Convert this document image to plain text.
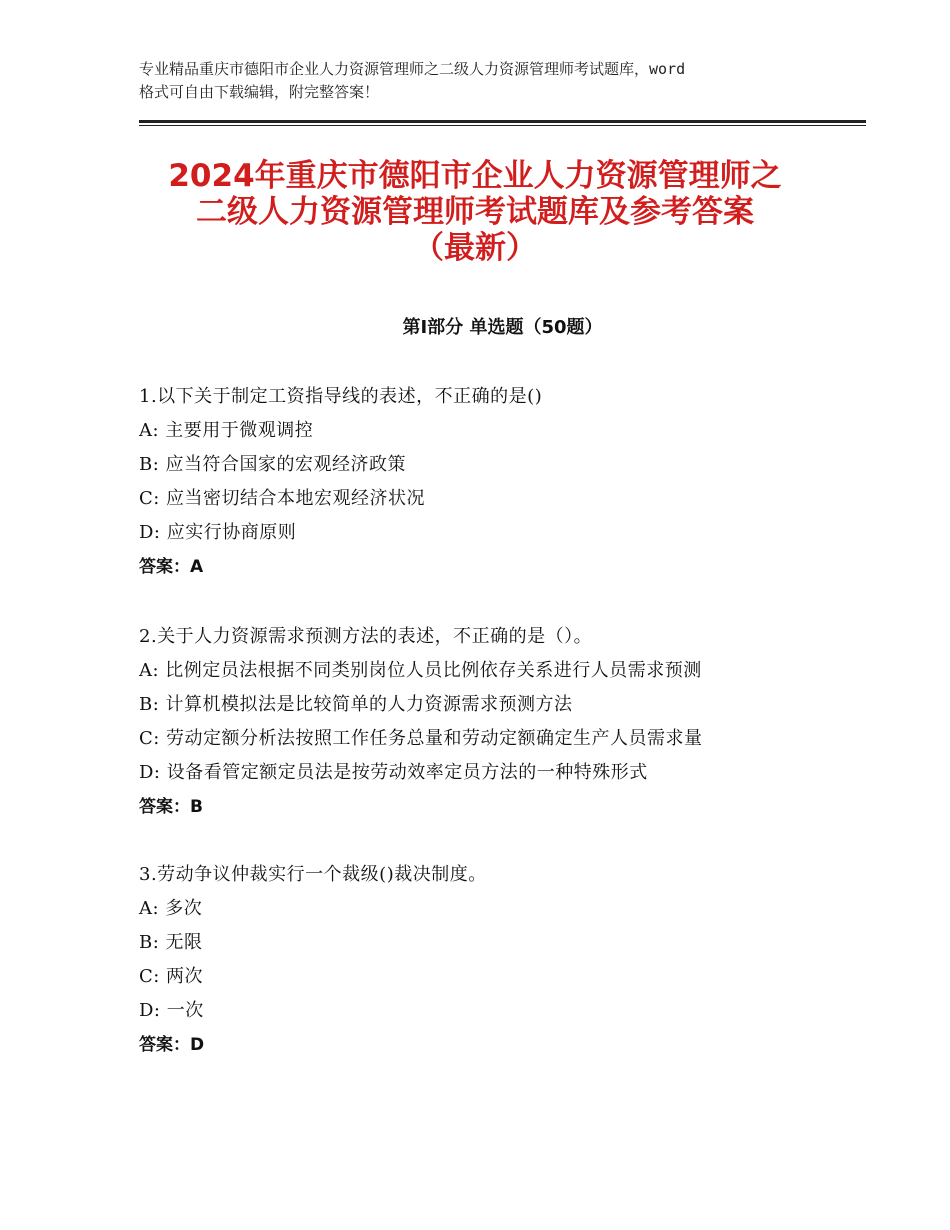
专业精品重庆市德阳市企业人力资源管理师之二级人力资源管理师考试题库，word
格式可自由下载编辑，附完整答案！
2024年重庆市德阳市企业人力资源管理师之
二级人力资源管理师考试题库及参考答案
（最新）
第Ⅰ部分 单选题（50题）
1.以下关于制定工资指导线的表述，不正确的是()
A: 主要用于微观调控
B: 应当符合国家的宏观经济政策
C: 应当密切结合本地宏观经济状况
D: 应实行协商原则
答案：A
2.关于人力资源需求预测方法的表述，不正确的是（）。
A: 比例定员法根据不同类别岗位人员比例依存关系进行人员需求预测
B: 计算机模拟法是比较简单的人力资源需求预测方法
C: 劳动定额分析法按照工作任务总量和劳动定额确定生产人员需求量
D: 设备看管定额定员法是按劳动效率定员方法的一种特殊形式
答案：B
3.劳动争议仲裁实行一个裁级()裁决制度。
A: 多次
B: 无限
C: 两次
D: 一次
答案：D
